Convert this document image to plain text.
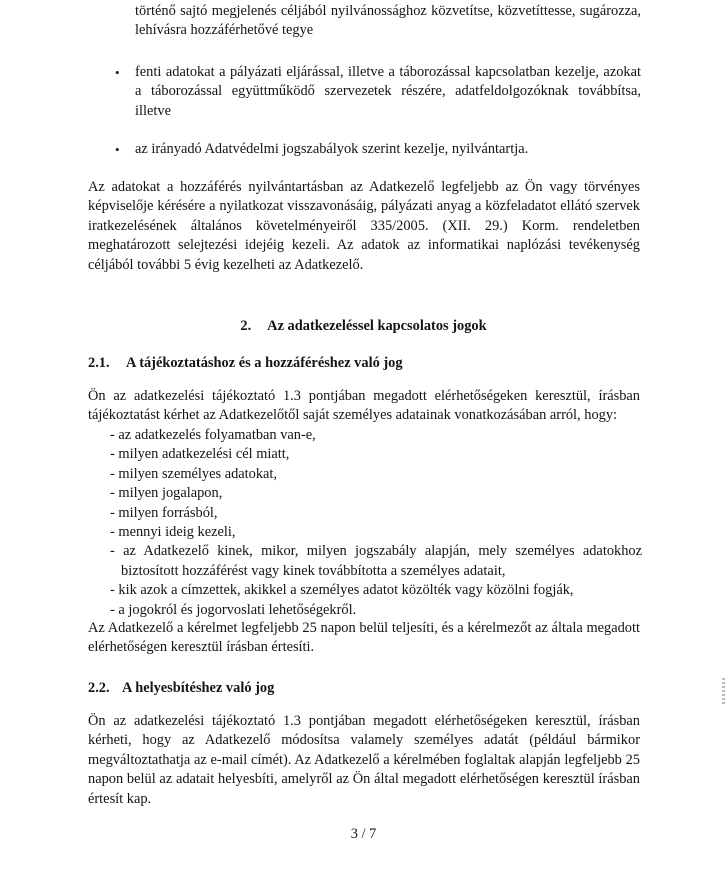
történő sajtó megjelenés céljából nyilvánossághoz közvetítse, közvetíttesse, sugározza, lehívásra hozzáférhetővé tegye
• fenti adatokat a pályázati eljárással, illetve a táborozással kapcsolatban kezelje, azokat a táborozással együttműködő szervezetek részére, adatfeldolgozóknak továbbítsa, illetve
• az irányadó Adatvédelmi jogszabályok szerint kezelje, nyilvántartja.
Az adatokat a hozzáférés nyilvántartásban az Adatkezelő legfeljebb az Ön vagy törvényes képviselője kérésére a nyilatkozat visszavonásáig, pályázati anyag a közfeladatot ellátó szervek iratkezelésének általános követelményeiről 335/2005. (XII. 29.) Korm. rendeletben meghatározott selejtezési idejéig kezeli. Az adatok az informatikai naplózási tevékenység céljából további 5 évig kezelheti az Adatkezelő.
2. Az adatkezeléssel kapcsolatos jogok
2.1. A tájékoztatáshoz és a hozzáféréshez való jog
Ön az adatkezelési tájékoztató 1.3 pontjában megadott elérhetőségeken keresztül, írásban tájékoztatást kérhet az Adatkezelőtől saját személyes adatainak vonatkozásában arról, hogy:
- az adatkezelés folyamatban van-e,
- milyen adatkezelési cél miatt,
- milyen személyes adatokat,
- milyen jogalapon,
- milyen forrásból,
- mennyi ideig kezeli,
- az Adatkezelő kinek, mikor, milyen jogszabály alapján, mely személyes adatokhoz biztosított hozzáférést vagy kinek továbbította a személyes adatait,
- kik azok a címzettek, akikkel a személyes adatot közölték vagy közölni fogják,
- a jogokról és jogorvoslati lehetőségekről.
Az Adatkezelő a kérelmet legfeljebb 25 napon belül teljesíti, és a kérelmezőt az általa megadott elérhetőségen keresztül írásban értesíti.
2.2. A helyesbítéshez való jog
Ön az adatkezelési tájékoztató 1.3 pontjában megadott elérhetőségeken keresztül, írásban kérheti, hogy az Adatkezelő módosítsa valamely személyes adatát (például bármikor megváltoztathatja az e-mail címét). Az Adatkezelő a kérelmében foglaltak alapján legfeljebb 25 napon belül az adatait helyesbíti, amelyről az Ön által megadott elérhetőségen keresztül írásban értesít kap.
3 / 7
